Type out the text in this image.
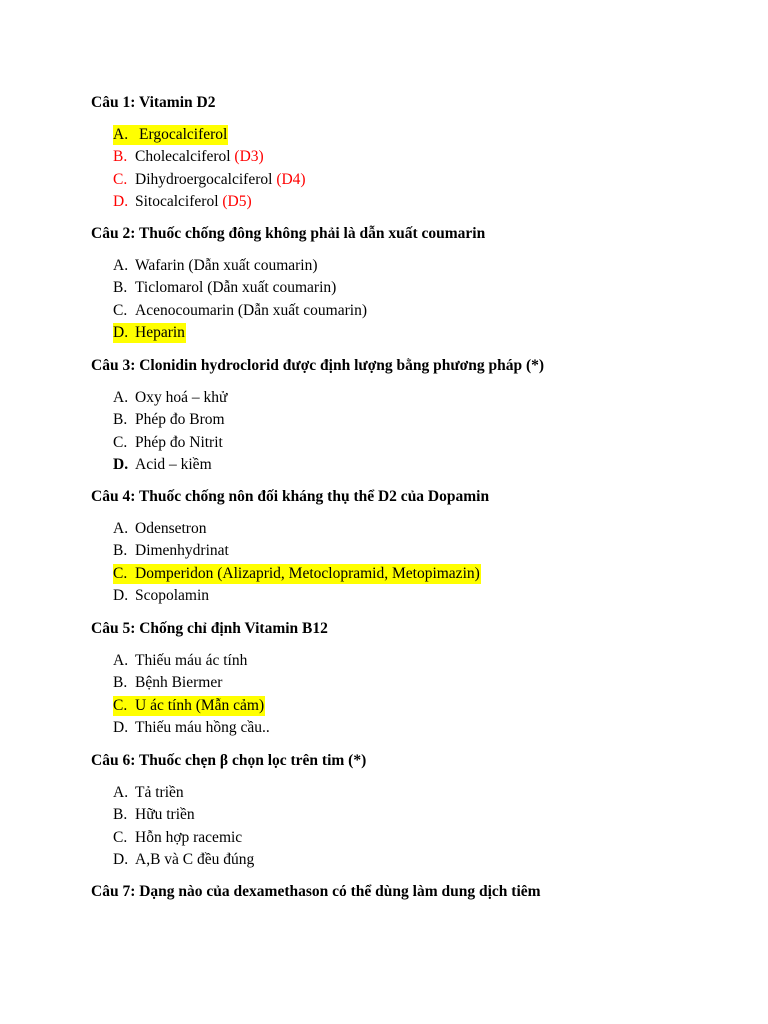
Câu 1: Vitamin D2

A. Ergocalciferol
B. Cholecalciferol (D3)
C. Dihydroergocalciferol (D4)
D. Sitocalciferol (D5)

Câu 2: Thuốc chống đông không phải là dẫn xuất coumarin

A. Wafarin (Dẫn xuất coumarin)
B. Ticlomarol (Dẫn xuất coumarin)
C. Acenocoumarin (Dẫn xuất coumarin)
D. Heparin

Câu 3: Clonidin hydroclorid được định lượng bằng phương pháp (*)

A. Oxy hoá – khử
B. Phép đo Brom
C. Phép đo Nitrit
D. Acid – kiềm

Câu 4: Thuốc chống nôn đối kháng thụ thể D2 của Dopamin

A. Odensetron
B. Dimenhydrinat
C. Domperidon (Alizaprid, Metoclopramid, Metopimazin)
D. Scopolamin

Câu 5: Chống chỉ định Vitamin B12

A. Thiếu máu ác tính
B. Bệnh Biermer
C. U ác tính (Mẫn cảm)
D. Thiếu máu hồng cầu..

Câu 6: Thuốc chẹn β chọn lọc trên tim (*)

A. Tả triền
B. Hữu triền
C. Hỗn hợp racemic
D. A,B và C đều đúng

Câu 7: Dạng nào của dexamethason có thể dùng làm dung dịch tiêm
